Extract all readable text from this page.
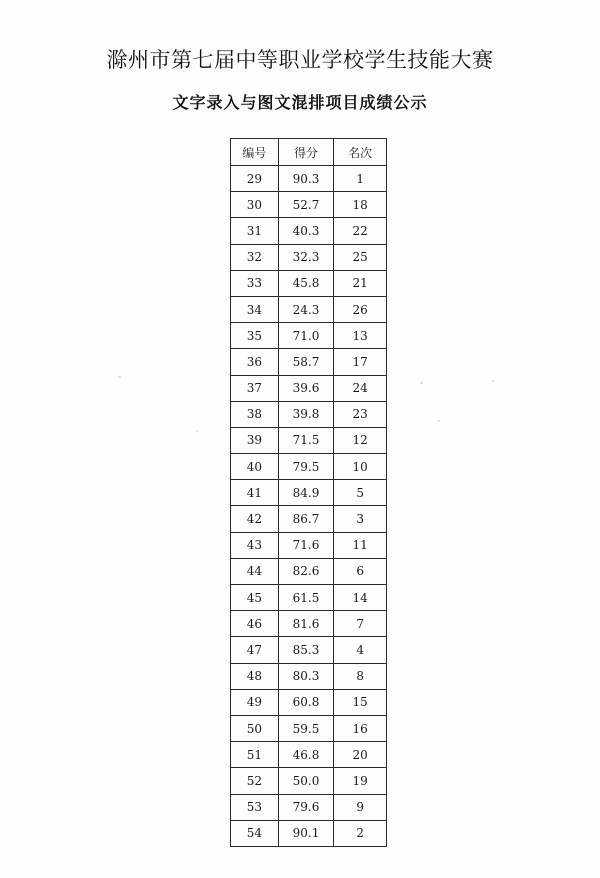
滁州市第七届中等职业学校学生技能大赛
文字录入与图文混排项目成绩公示
编号	得分	名次
29	90.3	1
30	52.7	18
31	40.3	22
32	32.3	25
33	45.8	21
34	24.3	26
35	71.0	13
36	58.7	17
37	39.6	24
38	39.8	23
39	71.5	12
40	79.5	10
41	84.9	5
42	86.7	3
43	71.6	11
44	82.6	6
45	61.5	14
46	81.6	7
47	85.3	4
48	80.3	8
49	60.8	15
50	59.5	16
51	46.8	20
52	50.0	19
53	79.6	9
54	90.1	2
